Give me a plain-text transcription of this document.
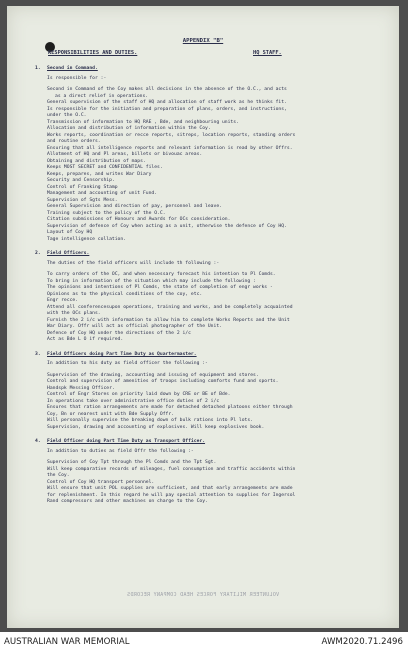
APPENDIX "B"
RESPONSIBILITIES AND DUTIES.	HQ STAFF.
1. Second in Command.
Is responsible for :-
Second in Command of the Coy makes all decisions in the absence of the O.C., and acts
as a direct relief in operations.
General supervision of the staff of HQ and allocation of staff work as he thinks fit.
Is responsible for the initiation and preparation of plans, orders, and instructions,
under the O.C.
Transmission of information to HQ RAE , Bde, and neighbouring units.
Allocation and distribution of information within the Coy.
Works reports, coordination or recce reports, sitreps, location reports, standing orders
and routine orders.
Ensuring that all intelligence reports and relevant information is read by other Offrs.
Allotment of HQ and Pl areas, billets or bivouac areas.
Obtaining and distribution of maps.
Keeps MOST SECRET and CONFIDENTIAL files.
Keeps, prepares, and writes War Diary
Security and Censorship.
Control of Franking Stamp
Management and accounting of unit Fund.
Supervision of Sgts Mess.
General Supervision and direction of pay, personnel and leave.
Training subject to the policy of the O.C.
Citation submissions of Honours and Awards for OCs consideration.
Supervision of defence of Coy when acting as a unit, otherwise the defence of Coy HQ.
Layout of Coy HQ
Tage intelligence collation.
2. Field Officers.
The duties of the field officers will include th following :-
To carry orders of the OC, and when necessary forecast his intention to Pl Comds.
To bring in information of the situation which may include the following :
The opinions and intentions of Pl Comds, the state of completion of engr works -
Opinions as to the physical conditions of the coy, etc.
Engr recce.
Attend all conferencesupon operations, training and works, and be completely acquainted
with the OCs plans.
Furnish the 2 i/c with information to allow him to complete Works Reports and the Unit
War Diary. Offr will act as official photographer of the Unit.
Defence of Coy HQ under the directions of the 2 i/c
Act as Bde L O if required.
3. Field Officers doing Part Time Duty as Quartermaster.
In addition to his duty as field officer the following :-
Supervision of the drawing, accounting and issuing of equipment and stores.
Control and supervision of amenities of troops including comforts fund and sports.
Handspk Messing Officer.
Control of Engr Stores on priority laid down by CRE or BE of Bde.
In operations take over administrative office duties of 2 i/c
Ensures that ration arrangements are made for detached detached platoons either through
Coy, Bn or nearest unit with Bde Supply Offr.
Will personally supervise the breaking down of bulk rations into Pl lots.
Supervision, drawing and accounting of explosives. Will keep explosives book.
4. Field Officer doing Part Time Duty as Transport Officer.
In addition to duties as field Offr the following :-
Supervision of Coy Tpt through the Pl Comds and the Tpt Sgt.
Will keep comparative records of mileages, fuel consumption and traffic accidents within
the Coy.
Control of Coy HQ transport personnel.
Will ensure that unit POL supplies are sufficient, and that early arrangements are made
for replenishment. In this regard he will pay special attention to supplies for Ingersol
Rand compressors and other machines on charge to the Coy.
VOLUNTEER MILITARY FORCES HEAD COMPANY RECORDS
AUSTRALIAN WAR MEMORIAL	AWM2020.71.2496
